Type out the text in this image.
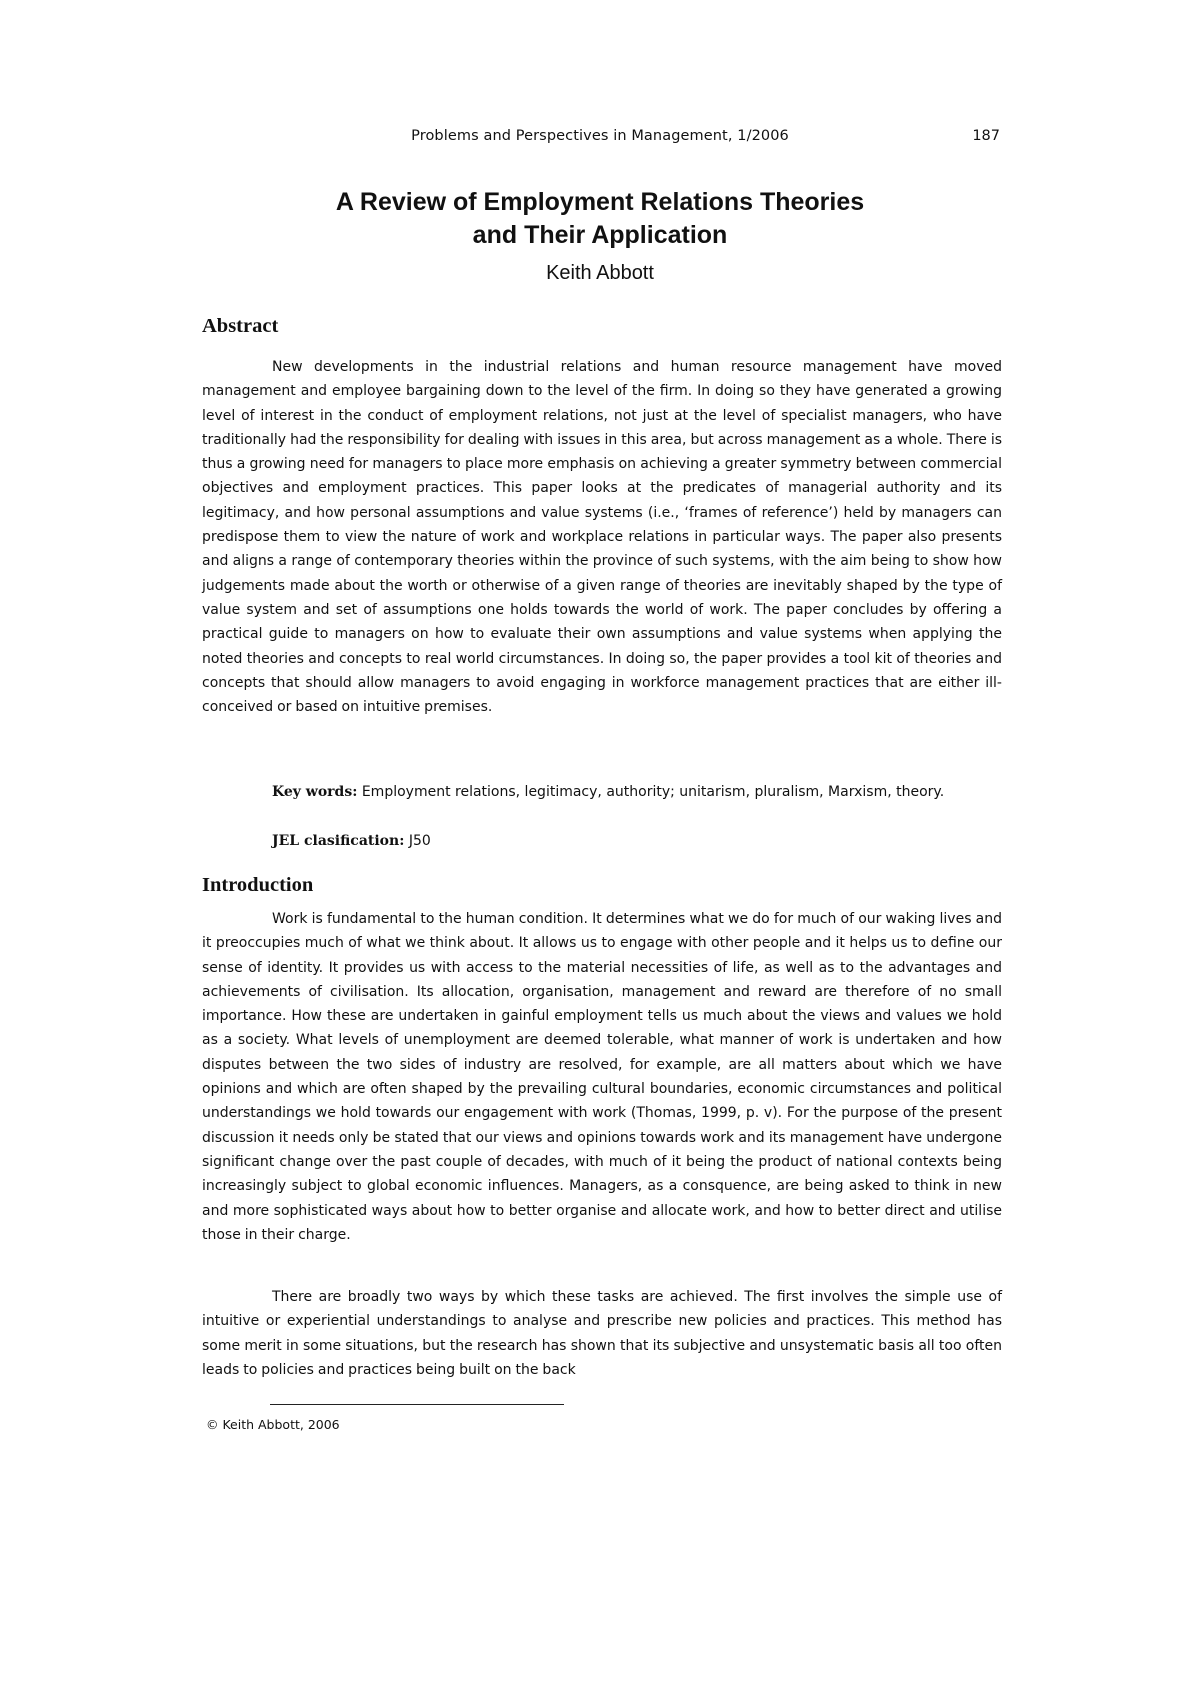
Problems and Perspectives in Management, 1/2006	187
A Review of Employment Relations Theories
and Their Application

Keith Abbott

Abstract

New developments in the industrial relations and human resource management have moved management and employee bargaining down to the level of the firm. In doing so they have generated a growing level of interest in the conduct of employment relations, not just at the level of specialist managers, who have traditionally had the responsibility for dealing with issues in this area, but across management as a whole. There is thus a growing need for managers to place more emphasis on achieving a greater symmetry between commercial objectives and employment practices. This paper looks at the predicates of managerial authority and its legitimacy, and how personal assumptions and value systems (i.e., ‘frames of reference’) held by managers can predispose them to view the nature of work and workplace relations in particular ways. The paper also presents and aligns a range of contemporary theories within the province of such systems, with the aim being to show how judgements made about the worth or otherwise of a given range of theories are inevitably shaped by the type of value system and set of assumptions one holds towards the world of work. The paper concludes by offering a practical guide to managers on how to evaluate their own assumptions and value systems when applying the noted theories and concepts to real world circumstances. In doing so, the paper provides a tool kit of theories and concepts that should allow managers to avoid engaging in workforce management practices that are either ill-conceived or based on intuitive premises.

Key words: Employment relations, legitimacy, authority; unitarism, pluralism, Marxism, theory.

JEL clasification: J50

Introduction

Work is fundamental to the human condition. It determines what we do for much of our waking lives and it preoccupies much of what we think about. It allows us to engage with other people and it helps us to define our sense of identity. It provides us with access to the material necessities of life, as well as to the advantages and achievements of civilisation. Its allocation, organisation, management and reward are therefore of no small importance. How these are undertaken in gainful employment tells us much about the views and values we hold as a society. What levels of unemployment are deemed tolerable, what manner of work is undertaken and how disputes between the two sides of industry are resolved, for example, are all matters about which we have opinions and which are often shaped by the prevailing cultural boundaries, economic circumstances and political understandings we hold towards our engagement with work (Thomas, 1999, p. v). For the purpose of the present discussion it needs only be stated that our views and opinions towards work and its management have undergone significant change over the past couple of decades, with much of it being the product of national contexts being increasingly subject to global economic influences. Managers, as a consquence, are being asked to think in new and more sophisticated ways about how to better organise and allocate work, and how to better direct and utilise those in their charge.

There are broadly two ways by which these tasks are achieved. The first involves the simple use of intuitive or experiential understandings to analyse and prescribe new policies and practices. This method has some merit in some situations, but the research has shown that its subjective and unsystematic basis all too often leads to policies and practices being built on the back

© Keith Abbott, 2006
